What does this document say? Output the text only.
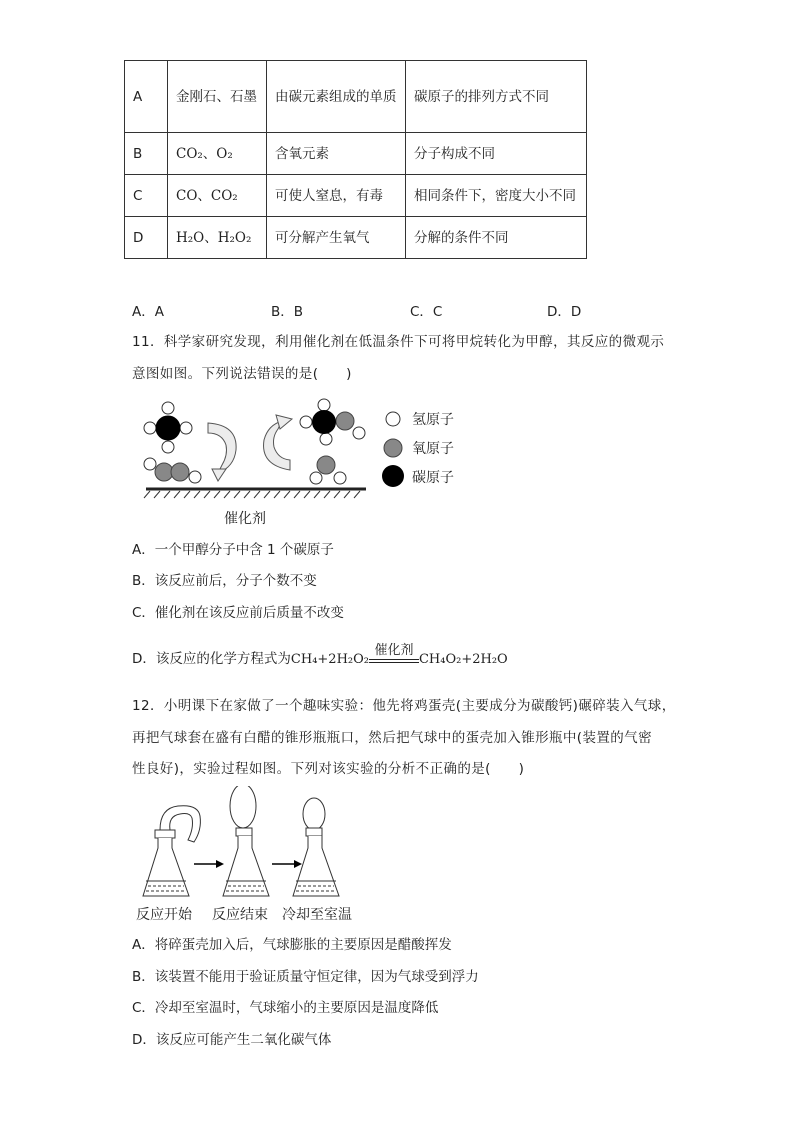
A	金刚石、石墨	由碳元素组成的单质	碳原子的排列方式不同
B	CO₂、O₂	含氧元素	分子构成不同
C	CO、CO₂	可使人窒息，有毒	相同条件下，密度大小不同
D	H₂O、H₂O₂	可分解产生氧气	分解的条件不同
A．A	B．B	C．C	D．D
11．科学家研究发现，利用催化剂在低温条件下可将甲烷转化为甲醇，其反应的微观示
意图如图。下列说法错误的是(　　)
氢原子
氧原子
碳原子
催化剂
A．一个甲醇分子中含 1 个碳原子
B．该反应前后，分子个数不变
C．催化剂在该反应前后质量不改变
D．该反应的化学方程式为CH₄+2H₂O₂
催化剂
CH₄O₂+2H₂O
12．小明课下在家做了一个趣味实验：他先将鸡蛋壳(主要成分为碳酸钙)碾碎装入气球，
再把气球套在盛有白醋的锥形瓶瓶口，然后把气球中的蛋壳加入锥形瓶中(装置的气密
性良好)，实验过程如图。下列对该实验的分析不正确的是(　　)
反应开始 反应结束 冷却至室温
A．将碎蛋壳加入后，气球膨胀的主要原因是醋酸挥发
B．该装置不能用于验证质量守恒定律，因为气球受到浮力
C．冷却至室温时，气球缩小的主要原因是温度降低
D．该反应可能产生二氧化碳气体
